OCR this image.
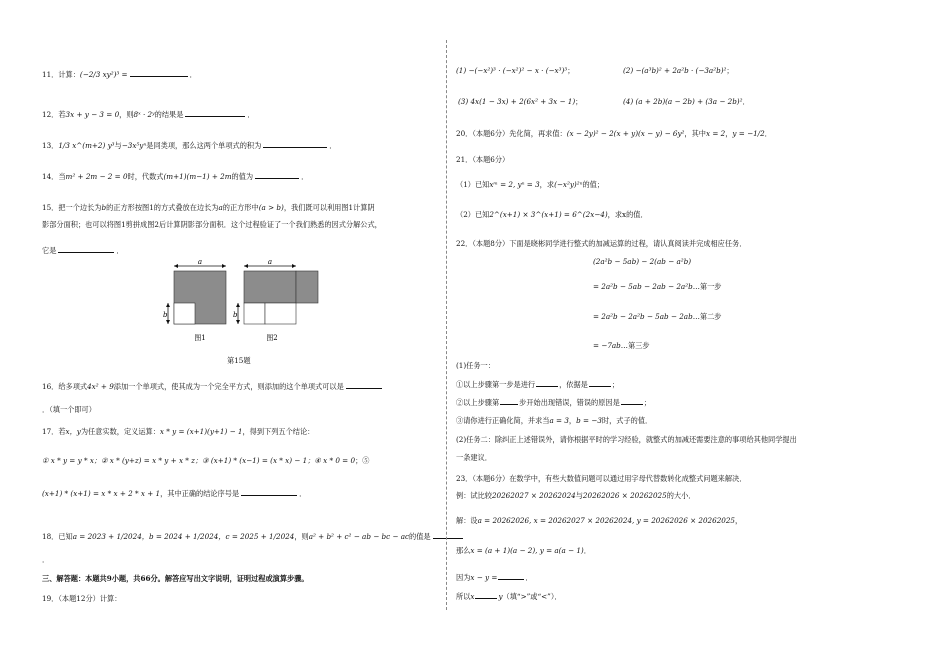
11．计算：(−2/3 xy²)³ =	．
12．若3x + y − 3 = 0，则8ˣ · 2ʸ的结果是	．
13．1/3 x^(m+2) y³与−3x⁵yⁿ是同类项，那么这两个单项式的积为	．
14．当m² + 2m − 2 = 0时，代数式(m+1)(m−1) + 2m的值为	．
15．把一个边长为b的正方形按图1的方式叠放在边长为a的正方形中(a > b)，我们既可以利用图1计算阴
影部分面积；也可以将图1剪拼成图2后计算阴影部分面积．这个过程验证了一个我们熟悉的因式分解公式，
它是	．
a
b
图1
a
b
图2
第15题
16．给多项式4x² + 9添加一个单项式，使其成为一个完全平方式，则添加的这个单项式可以是
．（填一个即可）
17．若x，y为任意实数，定义运算：x * y = (x+1)(y+1) − 1，得到下列五个结论：
① x * y = y * x；② x * (y+z) = x * y + x * z；③ (x+1) * (x−1) = (x * x) − 1；④ x * 0 = 0；⑤
(x+1) * (x+1) = x * x + 2 * x + 1，其中正确的结论序号是	．
18．已知a = 2023 + 1/2024，b = 2024 + 1/2024，c = 2025 + 1/2024，则a² + b² + c² − ab − bc − ac的值是
．
三、解答题：本题共9小题，共66分。解答应写出文字说明，证明过程或演算步骤。
19．（本题12分）计算：
(1) −(−x²)³ · (−x²)² − x · (−x³)³；	(2) −(a³b)² + 2a²b · (−3a²b)²；
(3) 4x(1 − 3x) + 2(6x² + 3x − 1)；	(4) (a + 2b)(a − 2b) + (3a − 2b)²．
20．（本题6分）先化简，再求值：(x − 2y)² − 2(x + y)(x − y) − 6y²，其中x = 2，y = −1/2．
21．（本题6分）
（1）已知xᵐ = 2, yⁿ = 3，求(−x²y)²ⁿ的值；
（2）已知2^(x+1) × 3^(x+1) = 6^(2x−4)，求x的值．
22．（本题8分）下面是晓彬同学进行整式的加减运算的过程，请认真阅读并完成相应任务．
(2a²b − 5ab) − 2(ab − a²b)
= 2a²b − 5ab − 2ab − 2a²b…第一步
= 2a²b − 2a²b − 5ab − 2ab…第二步
= −7ab…第三步
(1)任务一：
①以上步骤第一步是进行	，依据是	；
②以上步骤第	步开始出现错误，错误的原因是	；
③请你进行正确化简，并求当a = 3，b = −3时，式子的值．
(2)任务二：除纠正上述错误外，请你根据平时的学习经验，就整式的加减还需要注意的事项给其他同学提出
一条建议．
23．（本题6分）在数学中，有些大数值问题可以通过用字母代替数转化成整式问题来解决．
例：试比较20262027 × 20262024与20262026 × 20262025的大小．
解：设a = 20262026, x = 20262027 × 20262024, y = 20262026 × 20262025，
那么x = (a + 1)(a − 2), y = a(a − 1)．
因为x − y =	．
所以x	y（填“>”或“<”）．
